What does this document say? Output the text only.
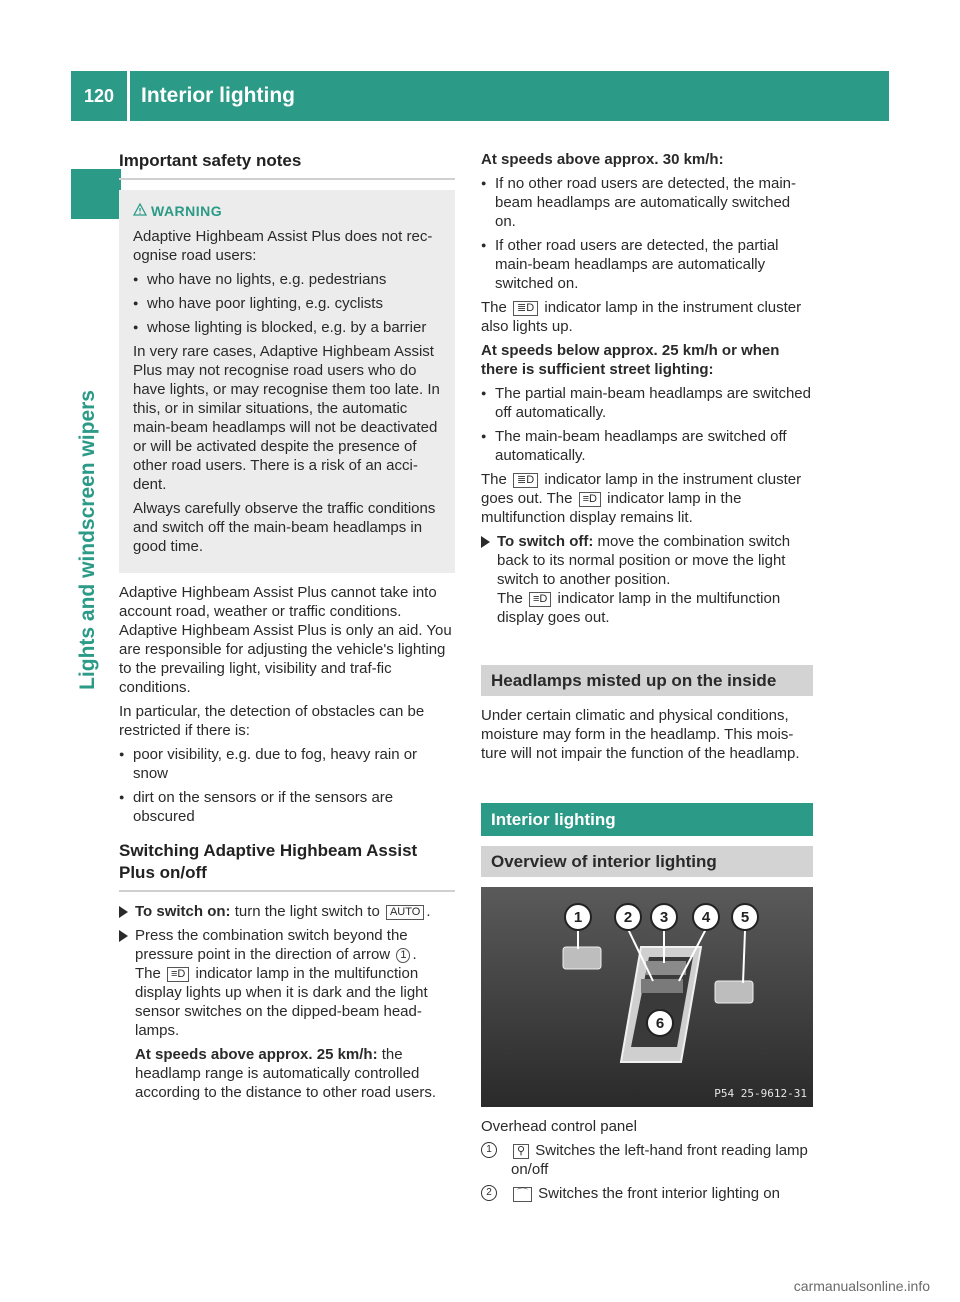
120	Interior lighting
Lights and windscreen wipers
Important safety notes
WARNING

Adaptive Highbeam Assist Plus does not rec-ognise road users:

● who have no lights, e.g. pedestrians
● who have poor lighting, e.g. cyclists
● whose lighting is blocked, e.g. by a barrier

In very rare cases, Adaptive Highbeam Assist Plus may not recognise road users who do have lights, or may recognise them too late. In this, or in similar situations, the automatic main-beam headlamps will not be deactivated or will be activated despite the presence of other road users. There is a risk of an acci-dent.

Always carefully observe the traffic conditions and switch off the main-beam headlamps in good time.

Adaptive Highbeam Assist Plus cannot take into account road, weather or traffic conditions. Adaptive Highbeam Assist Plus is only an aid. You are responsible for adjusting the vehicle's lighting to the prevailing light, visibility and traf-fic conditions.

In particular, the detection of obstacles can be restricted if there is:

● poor visibility, e.g. due to fog, heavy rain or snow
● dirt on the sensors or if the sensors are obscured
Switching Adaptive Highbeam Assist Plus on/off
To switch on: turn the light switch to AUTO .
Press the combination switch beyond the pressure point in the direction of arrow 1 .
The ≡D indicator lamp in the multifunction display lights up when it is dark and the light sensor switches on the dipped-beam head-lamps.
At speeds above approx. 25 km/h: the headlamp range is automatically controlled according to the distance to other road users.

At speeds above approx. 30 km/h:

● If no other road users are detected, the main-beam headlamps are automatically switched on.
● If other road users are detected, the partial main-beam headlamps are automatically switched on.

The ≣D indicator lamp in the instrument cluster also lights up.

At speeds below approx. 25 km/h or when there is sufficient street lighting:

● The partial main-beam headlamps are switched off automatically.
● The main-beam headlamps are switched off automatically.

The ≣D indicator lamp in the instrument cluster goes out. The ≡D indicator lamp in the multifunction display remains lit.

To switch off: move the combination switch back to its normal position or move the light switch to another position.
The ≡D indicator lamp in the multifunction display goes out.
Headlamps misted up on the inside

Under certain climatic and physical conditions, moisture may form in the headlamp. This mois-ture will not impair the function of the headlamp.

Interior lighting
Overview of interior lighting
1	2 3 4 5
6
P54 25-9612-31

Overhead control panel

1	⚲ Switches the left-hand front reading lamp on/off
2	⌒ Switches the front interior lighting on
carmanualsonline.info
